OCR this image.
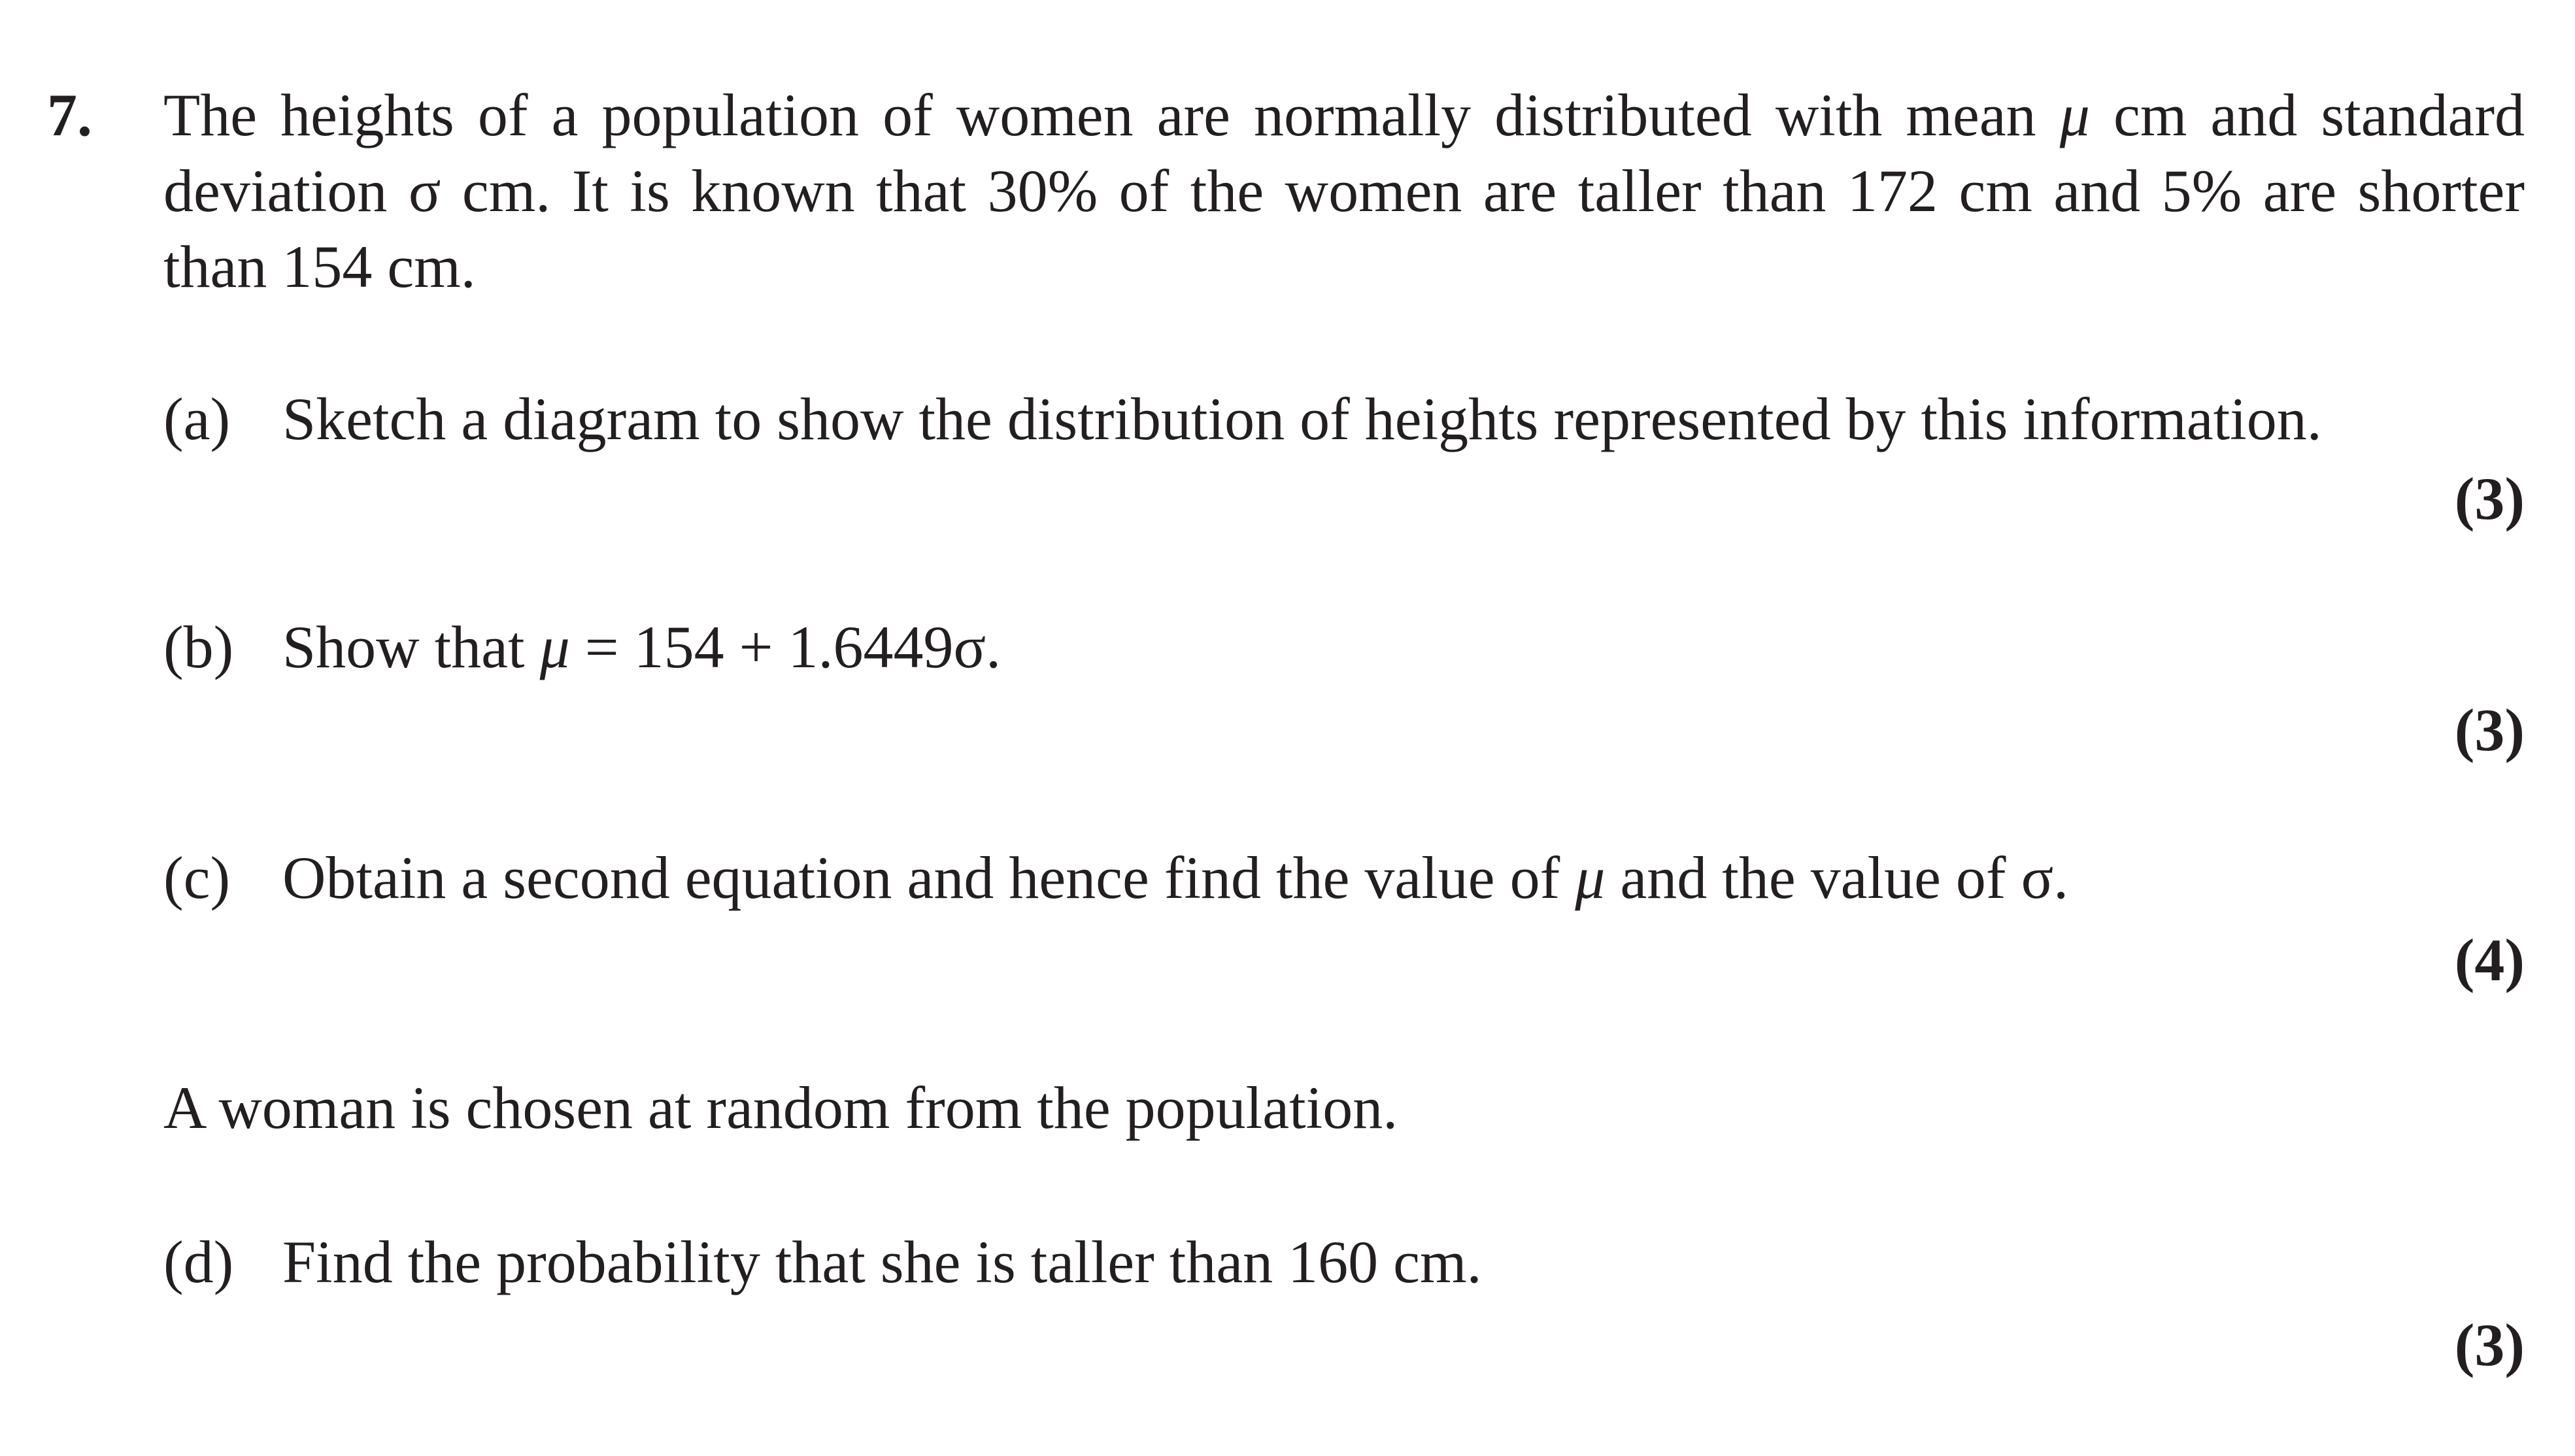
7. The heights of a population of women are normally distributed with mean μ cm and standard deviation σ cm. It is known that 30% of the women are taller than 172 cm and 5% are shorter than 154 cm.
(a) Sketch a diagram to show the distribution of heights represented by this information.
(3)
(b) Show that μ = 154 + 1.6449σ.
(3)
(c) Obtain a second equation and hence find the value of μ and the value of σ.
(4)
A woman is chosen at random from the population.
(d) Find the probability that she is taller than 160 cm.
(3)
